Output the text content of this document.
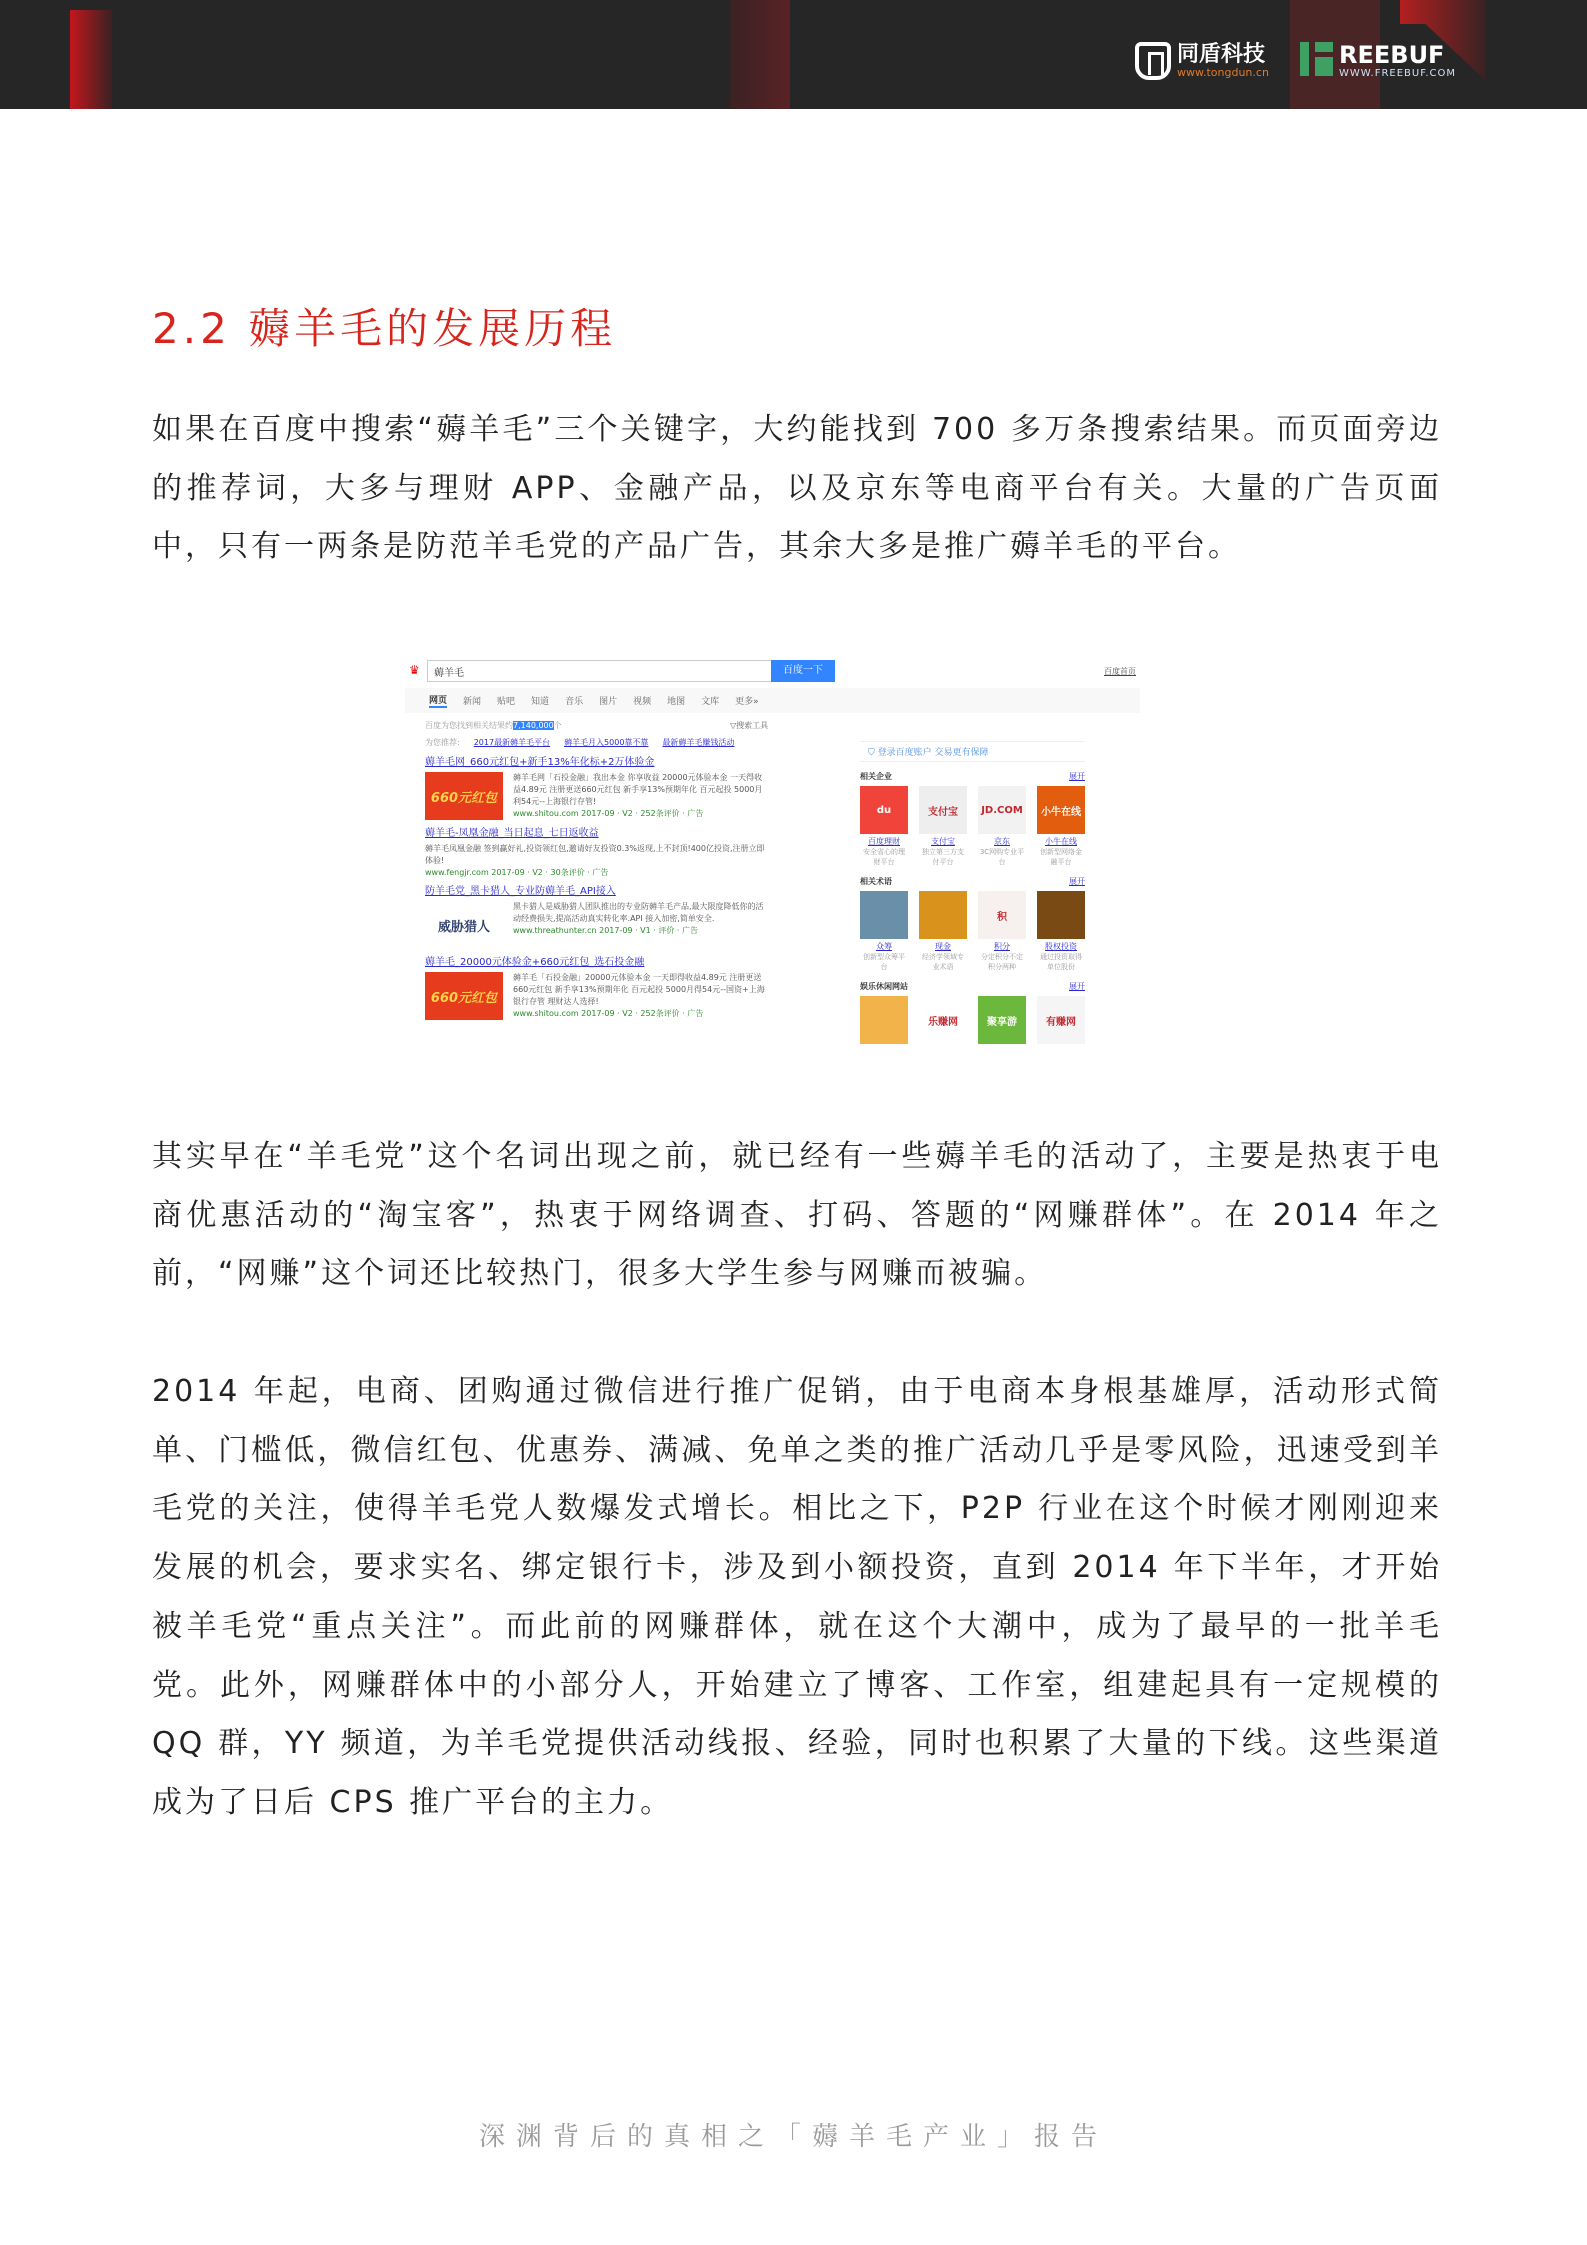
同盾科技
www.tongdun.cn
REEBUF
WWW.FREEBUF.COM
2.2 薅羊毛的发展历程

如果在百度中搜索“薅羊毛”三个关键字，大约能找到 700 多万条搜索结果。而页面旁边的推荐词，大多与理财 APP、金融产品，以及京东等电商平台有关。大量的广告页面中，只有一两条是防范羊毛党的产品广告，其余大多是推广薅羊毛的平台。

♛	薅羊毛	百度一下	百度首页
网页 新闻 贴吧 知道 音乐 图片 视频 地图 文库 更多»
百度为您找到相关结果约7,140,000个	▽搜索工具
为您推荐: 2017最新薅羊毛平台 薅羊毛月入5000靠不靠 最新薅羊毛赚钱活动
薅羊毛网_660元红包+新手13%年化标+2万体验金
660元红包
薅羊毛网「石投金融」我出本金 你享收益 20000元体验本金 一天得收益4.89元 注册更送660元红包 新手享13%预期年化 百元起投 5000月利54元--上海银行存管!
www.shitou.com 2017-09 · V2 · 252条评价 · 广告
薅羊毛-凤凰金融_当日起息_七日返收益
薅羊毛凤凰金融 签到赢好礼,投资领红包,邀请好友投资0.3%返现,上不封顶!400亿投资,注册立即体验!
www.fengjr.com 2017-09 · V2 · 30条评价 · 广告
防羊毛党_黑卡猎人_专业防薅羊毛_API接入
威胁猎人
黑卡猎人是威胁猎人团队推出的专业防薅羊毛产品,最大限度降低你的活动经费损失,提高活动真实转化率.API 接入加密,简单安全.
www.threathunter.cn 2017-09 · V1 · 评价 · 广告
薅羊毛_20000元体验金+660元红包_选石投金融
660元红包
薅羊毛「石投金融」20000元体验本金 一天即得收益4.89元 注册更送660元红包 新手享13%预期年化 百元起投 5000月得54元--国资+上海银行存管 理财达人选择!
www.shitou.com 2017-09 · V2 · 252条评价 · 广告
⛉ 登录百度账户 交易更有保障
相关企业	展开
du
百度理财
安全省心的理财平台
支付宝
支付宝
独立第三方支付平台
JD.COM
京东
3C网购专业平台
小牛在线
小牛在线
创新型网络金融平台
相关术语	展开
众筹
创新型众筹平台
现金
经济学领域专业术语
积
积分
分定积分不定积分两种
股权投资
通过投资取得单位股份
娱乐休闲网站	展开
乐赚网	聚享游	有赚网

其实早在“羊毛党”这个名词出现之前，就已经有一些薅羊毛的活动了，主要是热衷于电商优惠活动的“淘宝客”，热衷于网络调查、打码、答题的“网赚群体”。在 2014 年之前，“网赚”这个词还比较热门，很多大学生参与网赚而被骗。

2014 年起，电商、团购通过微信进行推广促销，由于电商本身根基雄厚，活动形式简单、门槛低，微信红包、优惠券、满减、免单之类的推广活动几乎是零风险，迅速受到羊毛党的关注，使得羊毛党人数爆发式增长。相比之下，P2P 行业在这个时候才刚刚迎来发展的机会，要求实名、绑定银行卡，涉及到小额投资，直到 2014 年下半年，才开始被羊毛党“重点关注”。而此前的网赚群体，就在这个大潮中，成为了最早的一批羊毛党。此外，网赚群体中的小部分人，开始建立了博客、工作室，组建起具有一定规模的 QQ 群，YY 频道，为羊毛党提供活动线报、经验，同时也积累了大量的下线。这些渠道成为了日后 CPS 推广平台的主力。

深渊背后的真相之「薅羊毛产业」报告
